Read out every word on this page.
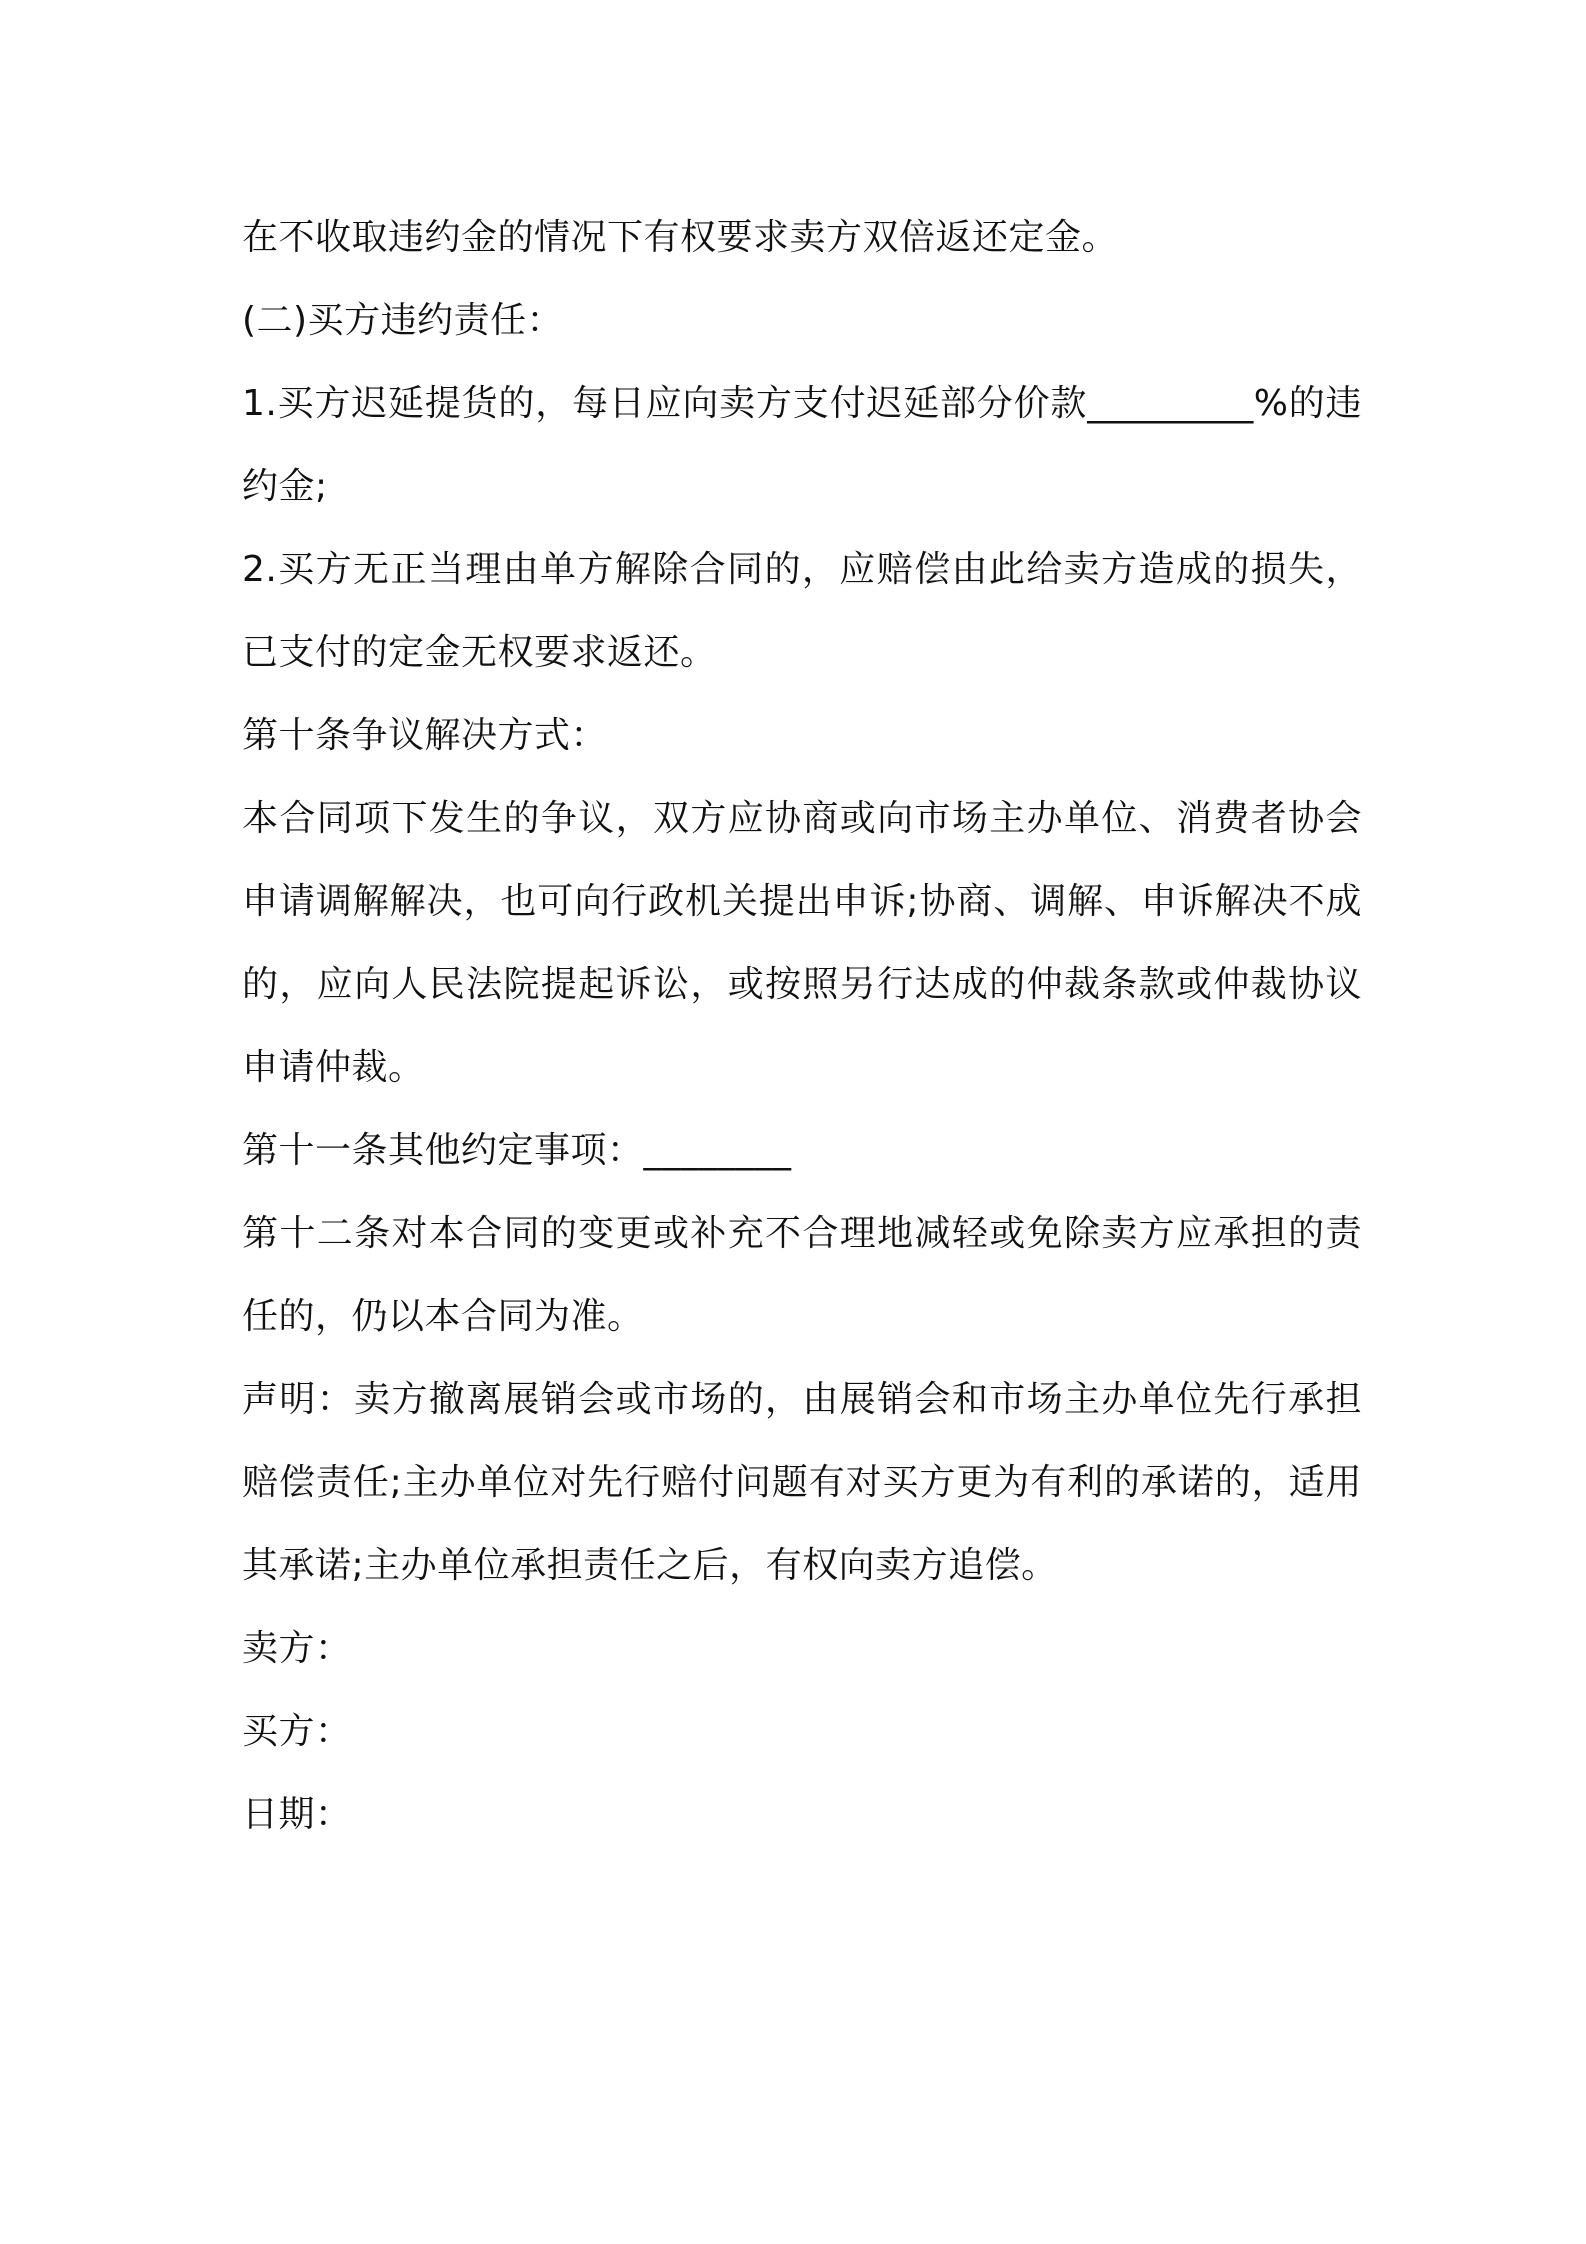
在不收取违约金的情况下有权要求卖方双倍返还定金。

(二)买方违约责任：

1.买方迟延提货的，每日应向卖方支付迟延部分价款_________%的违约金;

2.买方无正当理由单方解除合同的，应赔偿由此给卖方造成的损失，已支付的定金无权要求返还。

第十条争议解决方式：

本合同项下发生的争议，双方应协商或向市场主办单位、消费者协会申请调解解决，也可向行政机关提出申诉;协商、调解、申诉解决不成的，应向人民法院提起诉讼，或按照另行达成的仲裁条款或仲裁协议申请仲裁。

第十一条其他约定事项：________

第十二条对本合同的变更或补充不合理地减轻或免除卖方应承担的责任的，仍以本合同为准。

声明：卖方撤离展销会或市场的，由展销会和市场主办单位先行承担赔偿责任;主办单位对先行赔付问题有对买方更为有利的承诺的，适用其承诺;主办单位承担责任之后，有权向卖方追偿。

卖方：

买方：

日期：
